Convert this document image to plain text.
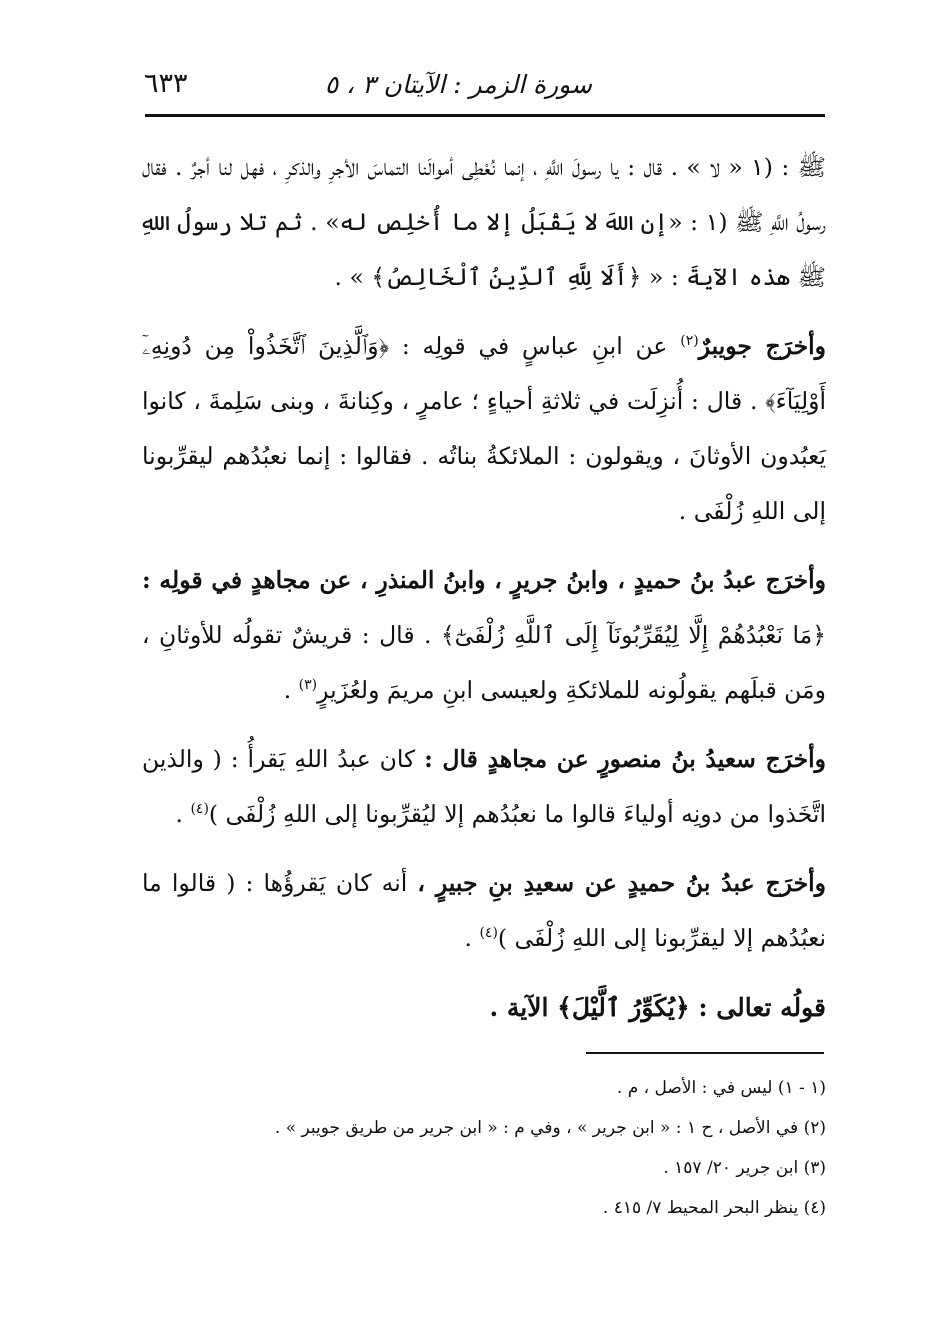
٦٣٣	سورة الزمر : الآيتان ٣ ، ٥

ﷺ : (١ « لا » . قال : يا رسولَ اللَّهِ ، إنما نُعْطِى أموالَنا التماسَ الأجرِ والذكرِ ، فهل لنا أجرٌ . فقال رسولُ اللَّهِ ﷺ (١ : «إن اللهَ لا يَقْبَلُ إلا ما أُخلِص له» . ثم تلا رسولُ اللهِ ﷺ هذه الآيةَ : « ﴿أَلَا لِلَّهِ ٱلدِّينُ ٱلْخَالِصُ﴾ » .

وأخرَج جويبرٌ$^{(٢)}$ عن ابنِ عباسٍ في قولِه : ﴿وَٱلَّذِينَ ٱتَّخَذُواْ مِن دُونِهِۦٓ أَوْلِيَآءَ﴾ . قال : أُنزِلَت في ثلاثةِ أحياءٍ ؛ عامرٍ ، وكِنانةَ ، وبنى سَلِمةَ ، كانوا يَعبُدون الأوثانَ ، ويقولون : الملائكةُ بناتُه . فقالوا : إنما نعبُدُهم ليقرِّبونا إلى اللهِ زُلْفَى .

وأخرَج عبدُ بنُ حميدٍ ، وابنُ جريرٍ ، وابنُ المنذرِ ، عن مجاهدٍ في قولِه : ﴿مَا نَعْبُدُهُمْ إِلَّا لِيُقَرِّبُونَآ إِلَى ٱللَّهِ زُلْفَىٰٓ﴾ . قال : قريشٌ تقولُه للأوثانِ ، ومَن قبلَهم يقولُونه للملائكةِ ولعيسى ابنِ مريمَ ولعُزَيرٍ$^{(٣)}$ .

وأخرَج سعيدُ بنُ منصورٍ عن مجاهدٍ قال : كان عبدُ اللهِ يَقرأُ : ( والذين اتَّخَذوا من دونِه أولياءَ قالوا ما نعبُدُهم إلا ليُقرِّبونا إلى اللهِ زُلْفَى )$^{(٤)}$ .

وأخرَج عبدُ بنُ حميدٍ عن سعيدِ بنِ جبيرٍ ، أنه كان يَقرؤُها : ( قالوا ما نعبُدُهم إلا ليقرِّبونا إلى اللهِ زُلْفَى )$^{(٤)}$ .

قولُه تعالى : ﴿يُكَوِّرُ ٱلَّيْلَ﴾ الآية .

(١ - ١) ليس في : الأصل ، م .

(٢) في الأصل ، ح ١ : « ابن جرير » ، وفي م : « ابن جرير من طريق جويبر » .

(٣) ابن جرير ٢٠/ ١٥٧ .

(٤) ينظر البحر المحيط ٧/ ٤١٥ .
